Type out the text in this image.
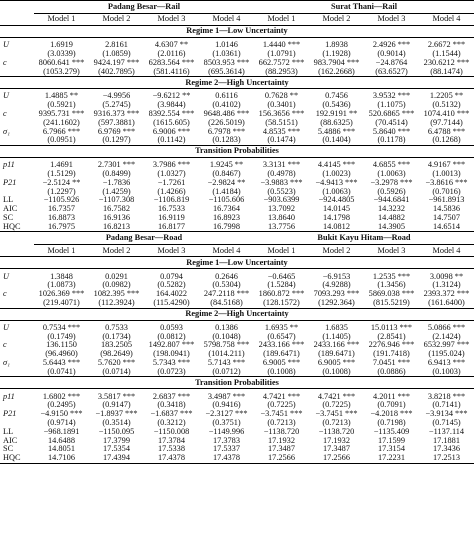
	Padang Besar—Rail				Surat Thani—Rail			
	Model 1	Model 2	Model 3	Model 4	Model 1	Model 2	Model 3	Model 4
Regime 1—Low Uncertainty								

U	1.6919	2.8161	4.6307 **	1.0146	1.4440 ***	1.8938	2.4926 ***	2.6672 ***
	(3.0339)	(1.0859)	(2.0116)	(1.0361)	(1.0791)	(1.1928)	(0.9014)	(1.1544)
c	8060.641 ***	9424.197 ***	6283.564 ***	8503.953 ***	662.7572 ***	983.7904 ***	−24.8764	230.6212 ***
	(1053.279)	(402.7895)	(581.4116)	(695.3614)	(88.2953)	(162.2668)	(63.6527)	(88.1474)
Regime 2—High Uncertainty								

U	1.4885 **	−4.9956	−9.6212 **	0.6116	0.7628 **	0.7456	3.9532 ***	1.2205 **
	(0.5921)	(5.2745)	(3.9844)	(0.4102)	(0.3401)	(0.5436)	(1.1075)	(0.5132)
c	9395.731 ***	9316.373 ***	8392.554 ***	9648.486 ***	156.3656 ***	192.9191 **	520.6865 ***	1074.410 ***
	(241.1602)	(597.3881)	(1615.605)	(226.5019)	(58.5151)	(88.6325)	(70.4514)	(97.7144)
σ₁	6.7966 ***	6.9769 ***	6.9006 ***	6.7978 ***	4.8535 ***	5.4886 ***	5.8640 ***	6.4788 ***
	(0.0951)	(0.1297)	(0.1142)	(0.1283)	(0.1474)	(0.1404)	(0.1178)	(0.1268)
Transition Probabilities								

p11	1.4691	2.7301 ***	3.7986 ***	1.9245 **	3.3131 ***	4.4145 ***	4.6855 ***	4.9167 ***
	(1.5129)	(0.8499)	(1.0327)	(0.8467)	(0.4978)	(1.0023)	(1.0063)	(1.0013)
P21	−2.5124 **	−1.7836	−1.7261	−2.9824 **	−3.9883 ***	−4.9413 ***	−3.2978 ***	−3.8616 ***
	(1.2297)	(1.4259)	(1.4266)	(1.4184)	(0.5523)	(1.0063)	(0.5926)	(0.7016)
LL	−1105.926	−1107.308	−1106.819	−1105.606	−903.6399	−924.4805	−944.6841	−961.8913
AIC	16.7357	16.7582	16.7533	16.7364	13.7092	14.0145	14.3232	14.5836
SC	16.8873	16.9136	16.9119	16.8923	13.8640	14.1798	14.4882	14.7507
HQC	16.7975	16.8213	16.8177	16.7998	13.7756	14.0812	14.3905	14.6514
	Padang Besar—Road				Bukit Kayu Hitam—Road			
	Model 1	Model 2	Model 3	Model 4	Model 1	Model 2	Model 3	Model 4
Regime 1—Low Uncertainty								

U	1.3848	0.0291	0.0794	0.2646	−0.6465	−6.9153	1.2535 ***	3.0098 **
	(1.0873)	(0.0982)	(0.5282)	(0.5304)	(1.5284)	(4.9288)	(1.3456)	(1.3124)
c	1026.369 ***	1082.395 ***	164.4022	247.2118 ***	1860.872 ***	7093.293 ***	5869.038 ***	2393.372 ***
	(219.4071)	(112.3924)	(115.4290)	(84.5168)	(128.1572)	(1292.364)	(815.5219)	(161.6400)
Regime 2—High Uncertainty								

U	0.7534 ***	0.7533	0.0593	0.1386	1.6935 **	1.6835	15.0113 ***	5.0866 ***
	(0.1749)	(0.1734)	(0.0812)	(0.1048)	(0.6547)	(1.1405)	(2.8541)	(2.1424)
c	136.1150	183.2505	1492.807 ***	5798.758 ***	2433.166 ***	2433.166 ***	2276.946 ***	6532.997 ***
	(96.4960)	(98.2649)	(198.0941)	(1014.211)	(189.6471)	(189.6471)	(191.7418)	(1195.024)
σ₁	5.6443 ***	5.7620 ***	5.7343 ***	5.7143 ***	6.9005 ***	6.9005 ***	7.0451 ***	6.9413 ***
	(0.0741)	(0.0714)	(0.0723)	(0.0712)	(0.1008)	(0.1008)	(0.0886)	(0.1003)
Transition Probabilities								

p11	1.6802 ***	3.5817 ***	2.6837 ***	3.4987 ***	4.7421 ***	4.7421 ***	4.2011 ***	3.8218 ***
	(0.2495)	(0.9147)	(0.3418)	(0.9416)	(0.7225)	(0.7225)	(0.7091)	(0.7141)
P21	−4.9150 ***	−1.8937 ***	−1.6837 ***	−2.3127 ***	−3.7451 ***	−3.7451 ***	−4.2018 ***	−3.9134 ***
	(0.9714)	(0.3514)	(0.3212)	(0.3751)	(0.7213)	(0.7213)	(0.7198)	(0.7145)
LL	−968.1891	−1150.095	−1150.008	−1149.996	−1138.720	−1138.720	−1135.409	−1137.114
AIC	14.6488	17.3799	17.3784	17.3783	17.1932	17.1932	17.1599	17.1881
SC	14.8051	17.5354	17.5338	17.5337	17.3487	17.3487	17.3154	17.3436
HQC	14.7106	17.4394	17.4378	17.4378	17.2566	17.2566	17.2231	17.2513
